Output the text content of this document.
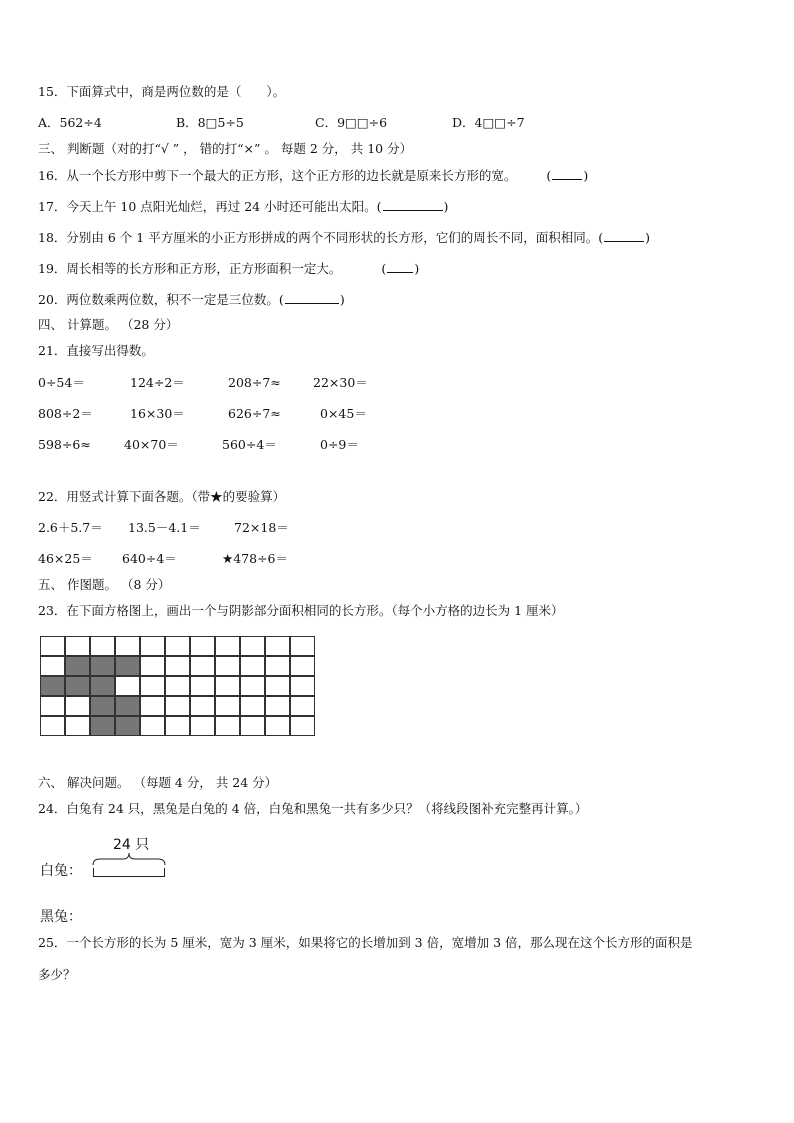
15．下面算式中，商是两位数的是（　　）。
A．562÷4	B．8□5÷5	C．9□□÷6	D．4□□÷7
三、 判断题（对的打“√ ” ， 错的打“×” 。 每题 2 分， 共 10 分）
16．从一个长方形中剪下一个最大的正方形，这个正方形的边长就是原来长方形的宽。 (	)
17．今天上午 10 点阳光灿烂，再过 24 小时还可能出太阳。(	)
18．分别由 6 个 1 平方厘米的小正方形拼成的两个不同形状的长方形，它们的周长不同，面积相同。(	)
19．周长相等的长方形和正方形，正方形面积一定大。	( )
20．两位数乘两位数，积不一定是三位数。(	)
四、 计算题。 （28 分）
21．直接写出得数。
0÷54＝	124÷2＝	208÷7≈	22×30＝
808÷2＝	16×30＝	626÷7≈	0×45＝
598÷6≈	40×70＝	560÷4＝	0÷9＝
22．用竖式计算下面各题。（带★的要验算）
2.6＋5.7＝ 13.5－4.1＝	72×18＝
46×25＝ 640÷4＝	★478÷6＝
五、 作图题。 （8 分）
23．在下面方格图上，画出一个与阴影部分面积相同的长方形。（每个小方格的边长为 1 厘米）
六、 解决问题。 （每题 4 分， 共 24 分）
24．白兔有 24 只，黑兔是白兔的 4 倍，白兔和黑兔一共有多少只？（将线段图补充完整再计算。）
24 只
白兔：
黑兔：
25．一个长方形的长为 5 厘米，宽为 3 厘米，如果将它的长增加到 3 倍，宽增加 3 倍，那么现在这个长方形的面积是
多少？
